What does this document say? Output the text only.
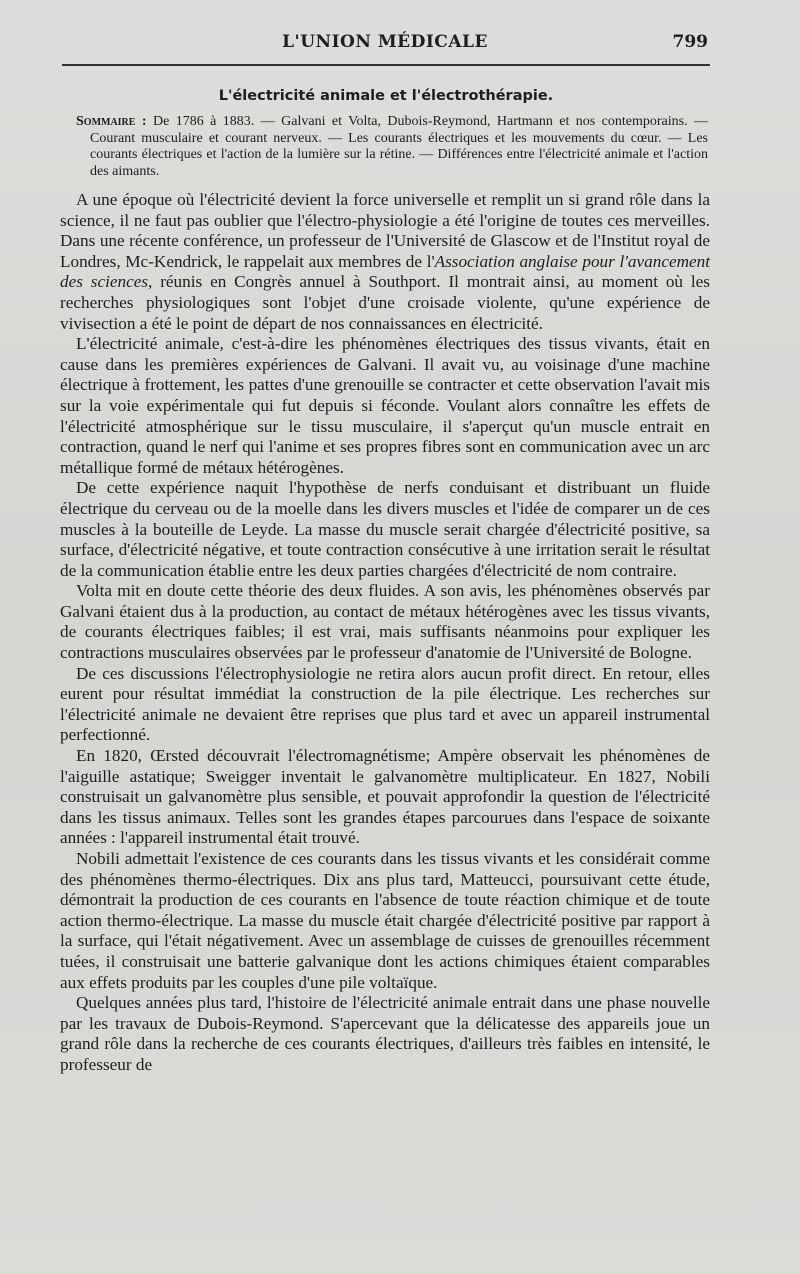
L'UNION MÉDICALE	799
L'électricité animale et l'électrothérapie.
Sommaire : De 1786 à 1883. — Galvani et Volta, Dubois-Reymond, Hartmann et nos contemporains. — Courant musculaire et courant nerveux. — Les courants électriques et les mouvements du cœur. — Les courants électriques et l'action de la lumière sur la rétine. — Différences entre l'électricité animale et l'action des aimants.

A une époque où l'électricité devient la force universelle et remplit un si grand rôle dans la science, il ne faut pas oublier que l'électro-physiologie a été l'origine de toutes ces merveilles. Dans une récente conférence, un professeur de l'Université de Glascow et de l'Institut royal de Londres, Mc-Kendrick, le rappelait aux membres de l'Association anglaise pour l'avancement des sciences, réunis en Congrès annuel à Southport. Il montrait ainsi, au moment où les recherches physiologiques sont l'objet d'une croisade violente, qu'une expérience de vivisection a été le point de départ de nos connaissances en électricité.

L'électricité animale, c'est-à-dire les phénomènes électriques des tissus vivants, était en cause dans les premières expériences de Galvani. Il avait vu, au voisinage d'une machine électrique à frottement, les pattes d'une grenouille se contracter et cette observation l'avait mis sur la voie expérimentale qui fut depuis si féconde. Voulant alors connaître les effets de l'électricité atmosphérique sur le tissu musculaire, il s'aperçut qu'un muscle entrait en contraction, quand le nerf qui l'anime et ses propres fibres sont en communication avec un arc métallique formé de métaux hétérogènes.

De cette expérience naquit l'hypothèse de nerfs conduisant et distribuant un fluide électrique du cerveau ou de la moelle dans les divers muscles et l'idée de comparer un de ces muscles à la bouteille de Leyde. La masse du muscle serait chargée d'électricité positive, sa surface, d'électricité négative, et toute contraction consécutive à une irritation serait le résultat de la communication établie entre les deux parties chargées d'électricité de nom contraire.

Volta mit en doute cette théorie des deux fluides. A son avis, les phénomènes observés par Galvani étaient dus à la production, au contact de métaux hétérogènes avec les tissus vivants, de courants électriques faibles; il est vrai, mais suffisants néanmoins pour expliquer les contractions musculaires observées par le professeur d'anatomie de l'Université de Bologne.

De ces discussions l'électrophysiologie ne retira alors aucun profit direct. En retour, elles eurent pour résultat immédiat la construction de la pile électrique. Les recherches sur l'électricité animale ne devaient être reprises que plus tard et avec un appareil instrumental perfectionné.

En 1820, Œrsted découvrait l'électromagnétisme; Ampère observait les phénomènes de l'aiguille astatique; Sweigger inventait le galvanomètre multiplicateur. En 1827, Nobili construisait un galvanomètre plus sensible, et pouvait approfondir la question de l'électricité dans les tissus animaux. Telles sont les grandes étapes parcourues dans l'espace de soixante années : l'appareil instrumental était trouvé.

Nobili admettait l'existence de ces courants dans les tissus vivants et les considérait comme des phénomènes thermo-électriques. Dix ans plus tard, Matteucci, poursuivant cette étude, démontrait la production de ces courants en l'absence de toute réaction chimique et de toute action thermo-électrique. La masse du muscle était chargée d'électricité positive par rapport à la surface, qui l'était négativement. Avec un assemblage de cuisses de grenouilles récemment tuées, il construisait une batterie galvanique dont les actions chimiques étaient comparables aux effets produits par les couples d'une pile voltaïque.

Quelques années plus tard, l'histoire de l'électricité animale entrait dans une phase nouvelle par les travaux de Dubois-Reymond. S'apercevant que la délicatesse des appareils joue un grand rôle dans la recherche de ces courants électriques, d'ailleurs très faibles en intensité, le professeur de
